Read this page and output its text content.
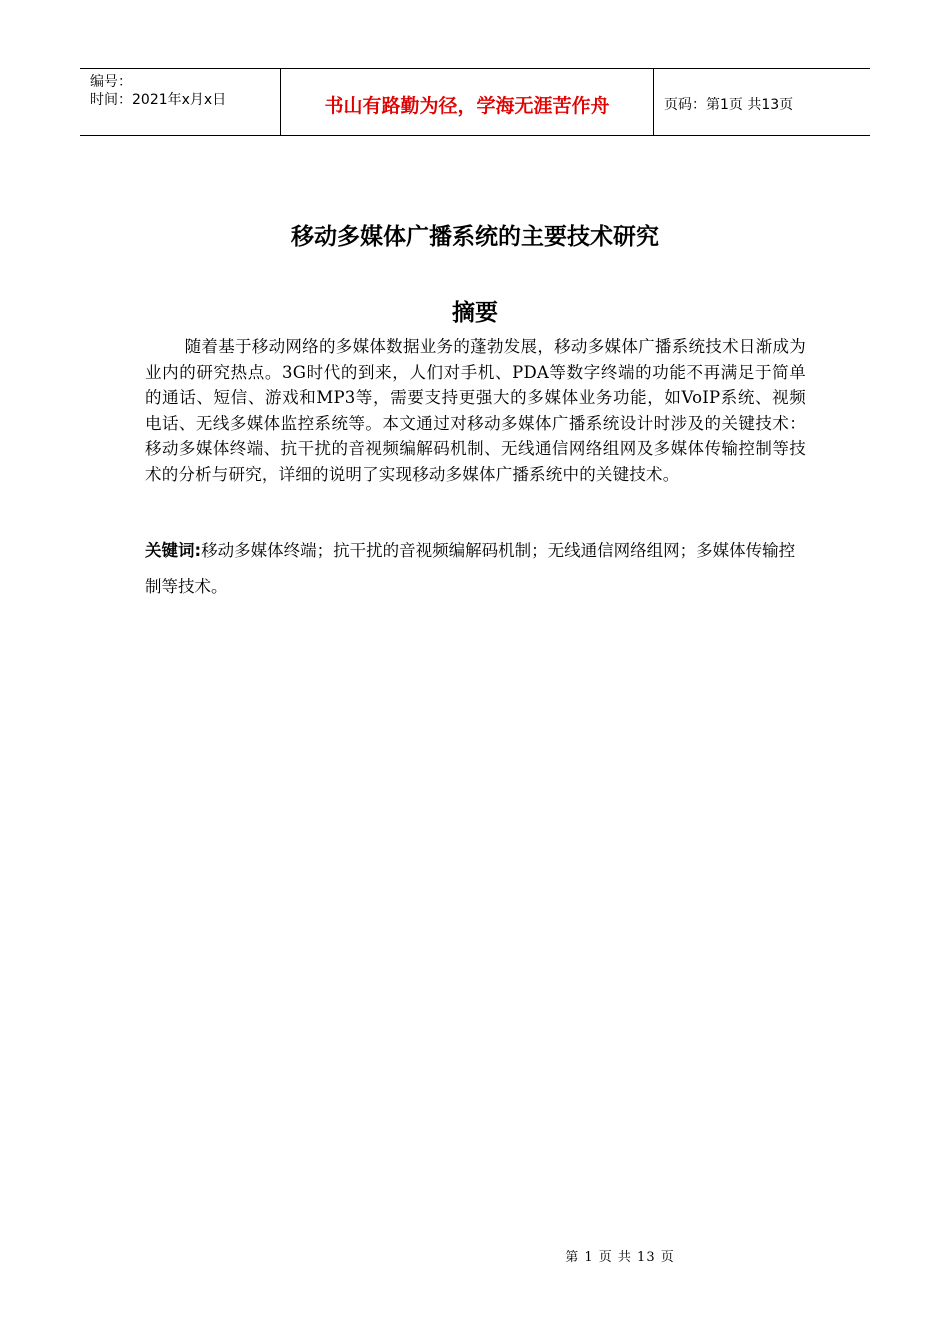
编号：
时间：2021年x月x日	书山有路勤为径，学海无涯苦作舟	页码：第1页 共13页
移动多媒体广播系统的主要技术研究
摘要

随着基于移动网络的多媒体数据业务的蓬勃发展，移动多媒体广播系统技术日渐成为业内的研究热点。3G时代的到来，人们对手机、PDA等数字终端的功能不再满足于简单的通话、短信、游戏和MP3等，需要支持更强大的多媒体业务功能，如VoIP系统、视频电话、无线多媒体监控系统等。本文通过对移动多媒体广播系统设计时涉及的关键技术：移动多媒体终端、抗干扰的音视频编解码机制、无线通信网络组网及多媒体传输控制等技术的分析与研究，详细的说明了实现移动多媒体广播系统中的关键技术。

关键词:移动多媒体终端；抗干扰的音视频编解码机制；无线通信网络组网；多媒体传输控制等技术。

第 1 页 共 13 页
